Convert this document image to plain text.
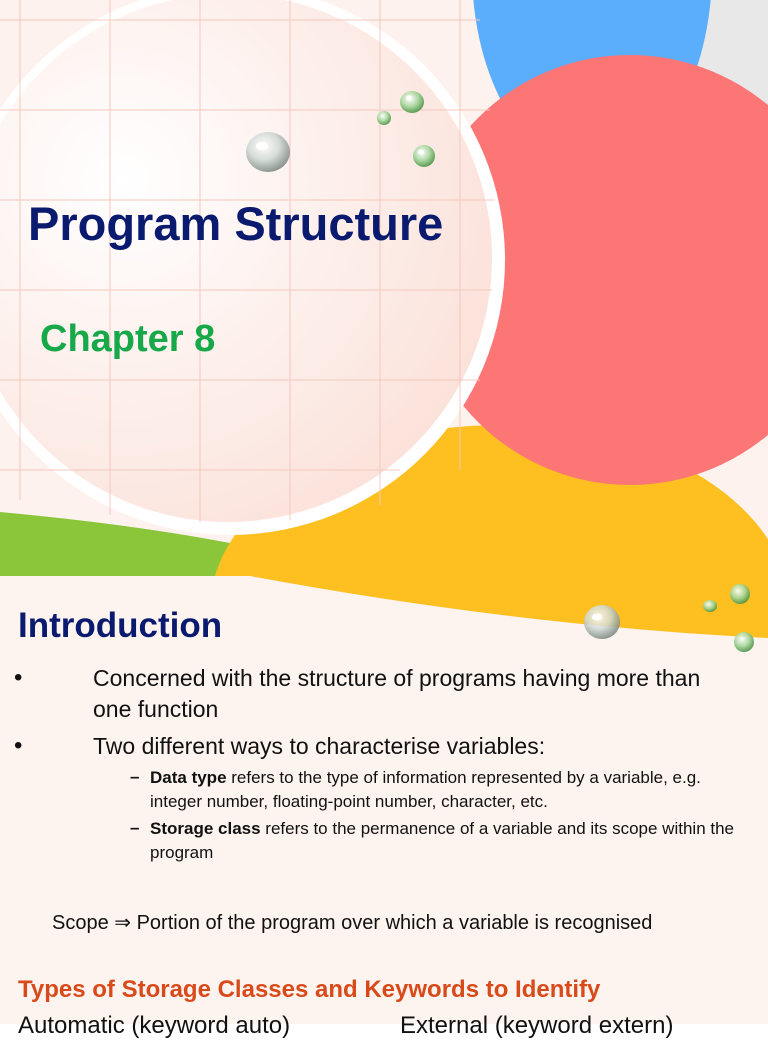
Program Structure
Chapter 8
Introduction
•	Concerned with the structure of programs having more than one function
•	Two different ways to characterise variables:
– Data type refers to the type of information represented by a variable, e.g. integer number, floating-point number, character, etc.
– Storage class refers to the permanence of a variable and its scope within the program
Scope ⇒ Portion of the program over which a variable is recognised
Types of Storage Classes and Keywords to Identify
Automatic (keyword auto)	External (keyword extern)
